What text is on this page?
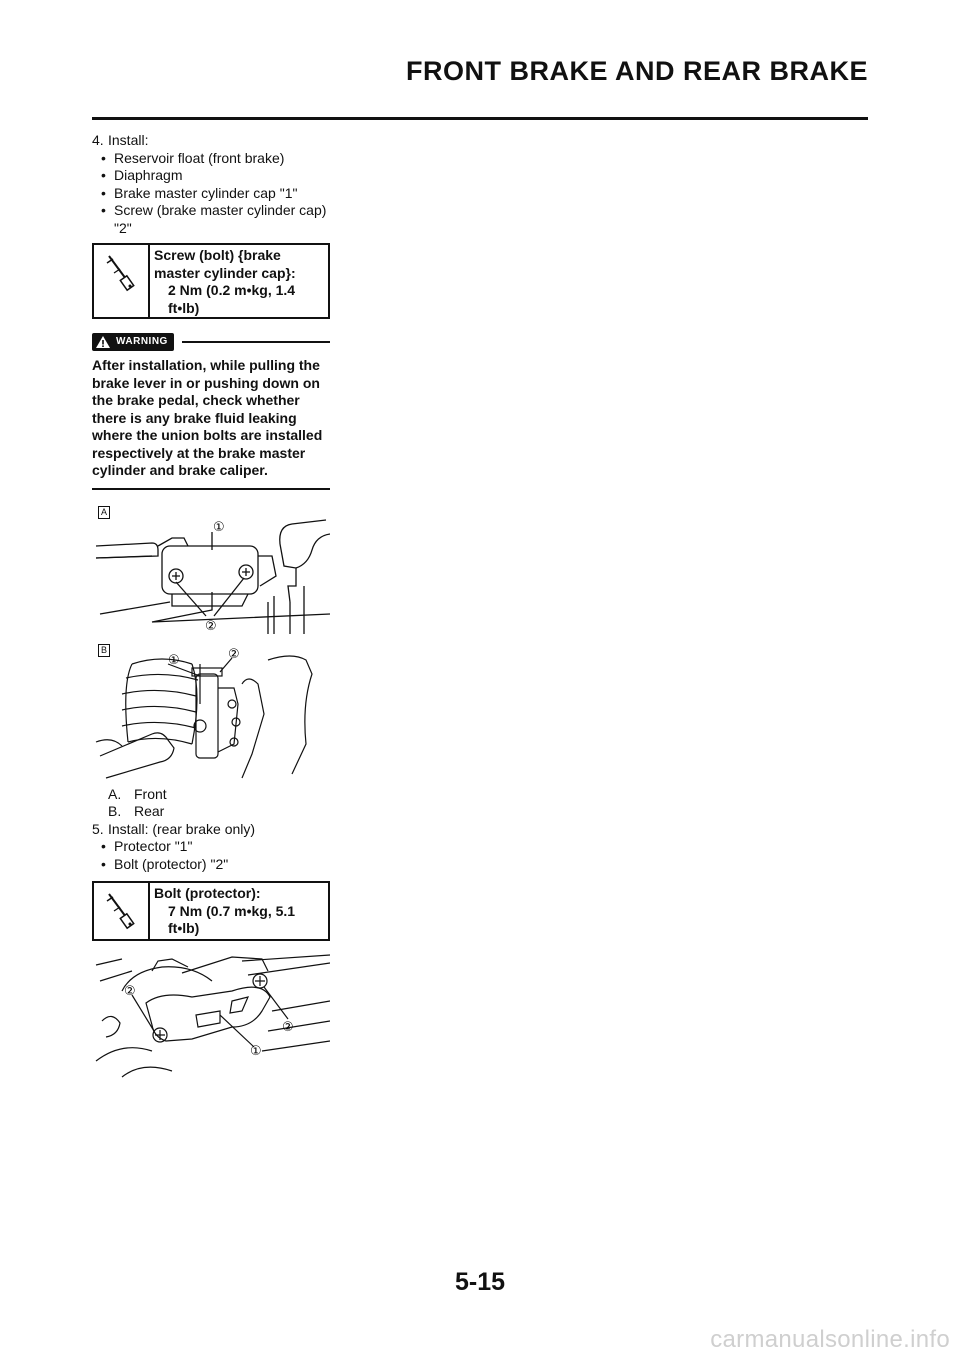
FRONT BRAKE AND REAR BRAKE
4. Install:
• Reservoir float (front brake)
• Diaphragm
• Brake master cylinder cap "1"
• Screw (brake master cylinder cap) "2"
Screw (bolt) {brake master cylinder cap}:
2 Nm (0.2 m•kg, 1.4 ft•lb)
WARNING
After installation, while pulling the brake lever in or pushing down on the brake pedal, check whether there is any brake fluid leaking where the union bolts are installed respectively at the brake master cylinder and brake caliper.
A
①
②
B
①	②
A. Front
B. Rear
5. Install: (rear brake only)
• Protector "1"
• Bolt (protector) "2"
Bolt (protector):
7 Nm (0.7 m•kg, 5.1 ft•lb)
②
②
①
5-15
carmanualsonline.info
